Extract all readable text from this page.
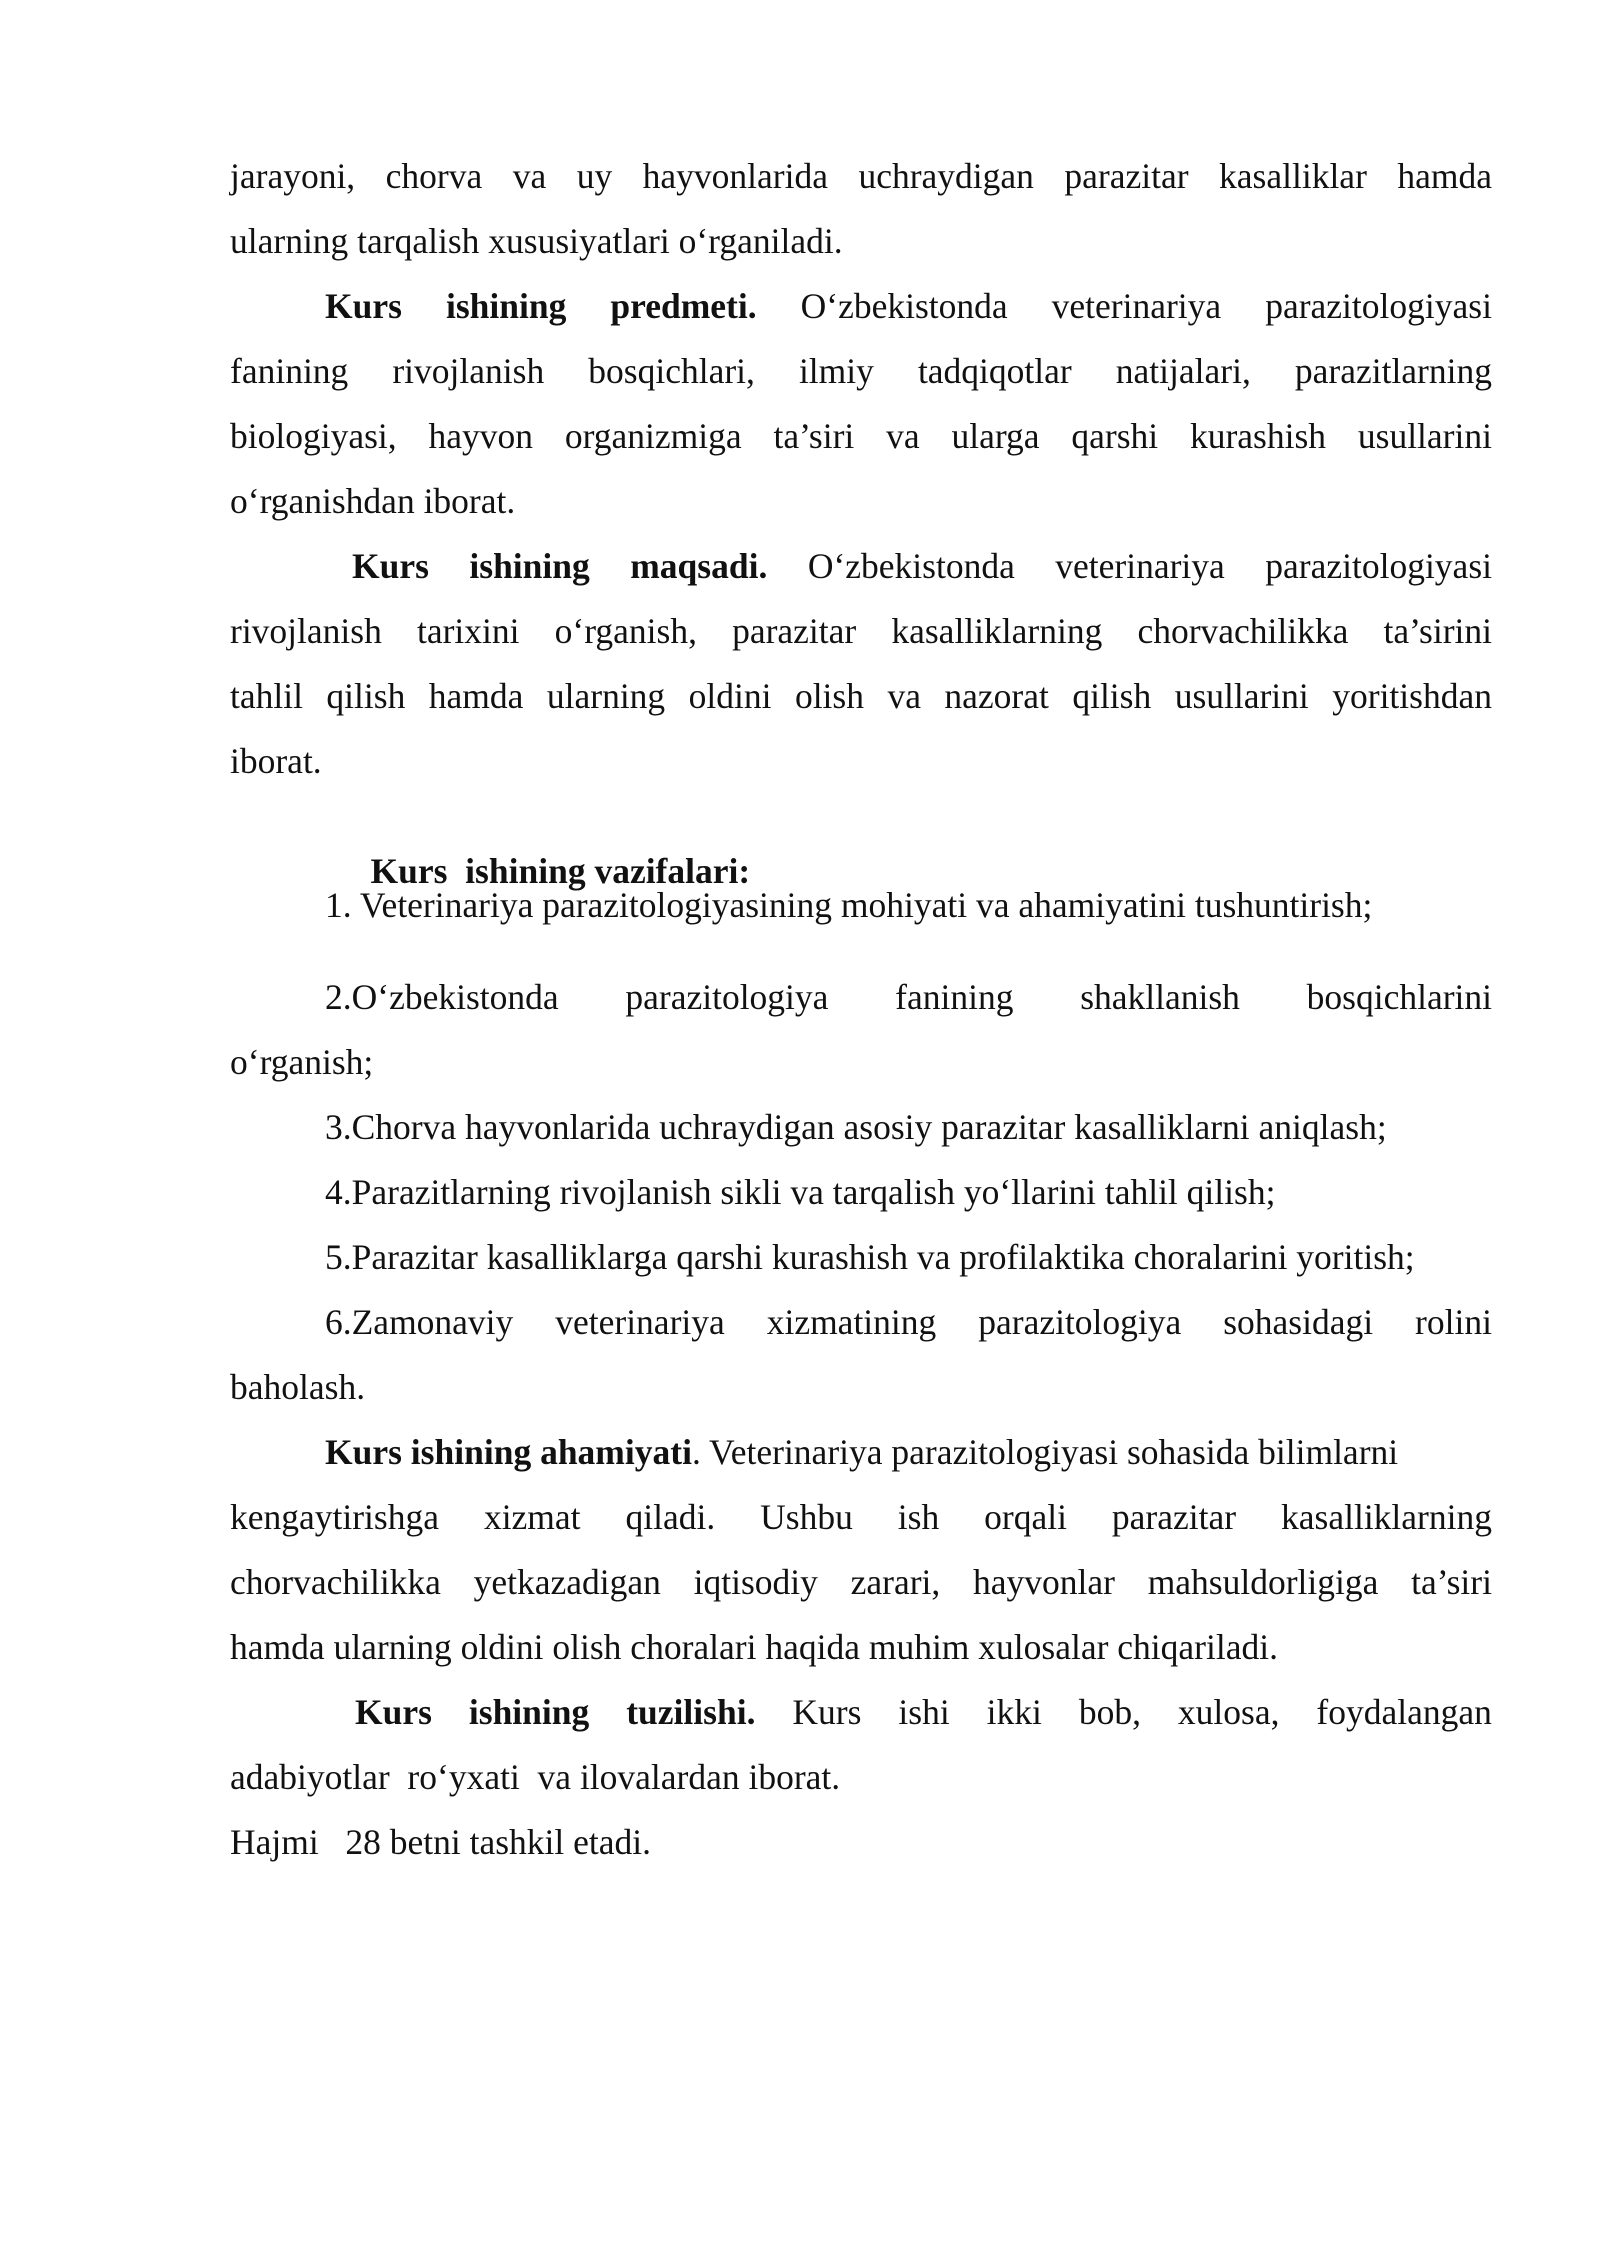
jarayoni, chorva va uy hayvonlarida uchraydigan parazitar kasalliklar hamda
ularning tarqalish xususiyatlari o‘rganiladi.
Kurs ishining predmeti. O‘zbekistonda veterinariya parazitologiyasi
fanining rivojlanish bosqichlari, ilmiy tadqiqotlar natijalari, parazitlarning
biologiyasi, hayvon organizmiga ta’siri va ularga qarshi kurashish usullarini
o‘rganishdan iborat.
Kurs ishining maqsadi. O‘zbekistonda veterinariya parazitologiyasi
rivojlanish tarixini o‘rganish, parazitar kasalliklarning chorvachilikka ta’sirini
tahlil qilish hamda ularning oldini olish va nazorat qilish usullarini yoritishdan
iborat.

Kurs  ishining vazifalari:

1. Veterinariya parazitologiyasining mohiyati va ahamiyatini tushuntirish;
2.O‘zbekistonda parazitologiya fanining shakllanish bosqichlarini
o‘rganish;
3.Chorva hayvonlarida uchraydigan asosiy parazitar kasalliklarni aniqlash;
4.Parazitlarning rivojlanish sikli va tarqalish yo‘llarini tahlil qilish;
5.Parazitar kasalliklarga qarshi kurashish va profilaktika choralarini yoritish;
6.Zamonaviy veterinariya xizmatining parazitologiya sohasidagi rolini
baholash.
Kurs ishining ahamiyati. Veterinariya parazitologiyasi sohasida bilimlarni
kengaytirishga xizmat qiladi. Ushbu ish orqali parazitar kasalliklarning
chorvachilikka yetkazadigan iqtisodiy zarari, hayvonlar mahsuldorligiga ta’siri
hamda ularning oldini olish choralari haqida muhim xulosalar chiqariladi.
Kurs ishining tuzilishi. Kurs ishi ikki bob, xulosa, foydalangan
adabiyotlar  ro‘yxati  va ilovalardan iborat.
Hajmi   28 betni tashkil etadi.
